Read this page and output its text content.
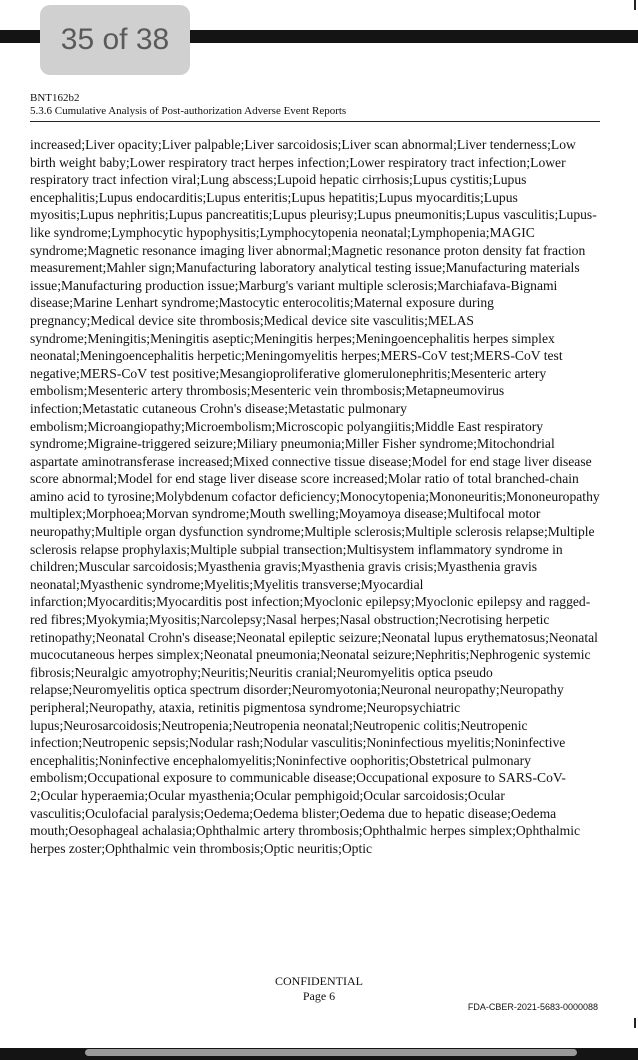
35 of 38
BNT162b2
5.3.6 Cumulative Analysis of Post-authorization Adverse Event Reports
increased;Liver opacity;Liver palpable;Liver sarcoidosis;Liver scan abnormal;Liver tenderness;Low birth weight baby;Lower respiratory tract herpes infection;Lower respiratory tract infection;Lower respiratory tract infection viral;Lung abscess;Lupoid hepatic cirrhosis;Lupus cystitis;Lupus encephalitis;Lupus endocarditis;Lupus enteritis;Lupus hepatitis;Lupus myocarditis;Lupus myositis;Lupus nephritis;Lupus pancreatitis;Lupus pleurisy;Lupus pneumonitis;Lupus vasculitis;Lupus-like syndrome;Lymphocytic hypophysitis;Lymphocytopenia neonatal;Lymphopenia;MAGIC syndrome;Magnetic resonance imaging liver abnormal;Magnetic resonance proton density fat fraction measurement;Mahler sign;Manufacturing laboratory analytical testing issue;Manufacturing materials issue;Manufacturing production issue;Marburg's variant multiple sclerosis;Marchiafava-Bignami disease;Marine Lenhart syndrome;Mastocytic enterocolitis;Maternal exposure during pregnancy;Medical device site thrombosis;Medical device site vasculitis;MELAS syndrome;Meningitis;Meningitis aseptic;Meningitis herpes;Meningoencephalitis herpes simplex neonatal;Meningoencephalitis herpetic;Meningomyelitis herpes;MERS-CoV test;MERS-CoV test negative;MERS-CoV test positive;Mesangioproliferative glomerulonephritis;Mesenteric artery embolism;Mesenteric artery thrombosis;Mesenteric vein thrombosis;Metapneumovirus infection;Metastatic cutaneous Crohn's disease;Metastatic pulmonary embolism;Microangiopathy;Microembolism;Microscopic polyangiitis;Middle East respiratory syndrome;Migraine-triggered seizure;Miliary pneumonia;Miller Fisher syndrome;Mitochondrial aspartate aminotransferase increased;Mixed connective tissue disease;Model for end stage liver disease score abnormal;Model for end stage liver disease score increased;Molar ratio of total branched-chain amino acid to tyrosine;Molybdenum cofactor deficiency;Monocytopenia;Mononeuritis;Mononeuropathy multiplex;Morphoea;Morvan syndrome;Mouth swelling;Moyamoya disease;Multifocal motor neuropathy;Multiple organ dysfunction syndrome;Multiple sclerosis;Multiple sclerosis relapse;Multiple sclerosis relapse prophylaxis;Multiple subpial transection;Multisystem inflammatory syndrome in children;Muscular sarcoidosis;Myasthenia gravis;Myasthenia gravis crisis;Myasthenia gravis neonatal;Myasthenic syndrome;Myelitis;Myelitis transverse;Myocardial infarction;Myocarditis;Myocarditis post infection;Myoclonic epilepsy;Myoclonic epilepsy and ragged-red fibres;Myokymia;Myositis;Narcolepsy;Nasal herpes;Nasal obstruction;Necrotising herpetic retinopathy;Neonatal Crohn's disease;Neonatal epileptic seizure;Neonatal lupus erythematosus;Neonatal mucocutaneous herpes simplex;Neonatal pneumonia;Neonatal seizure;Nephritis;Nephrogenic systemic fibrosis;Neuralgic amyotrophy;Neuritis;Neuritis cranial;Neuromyelitis optica pseudo relapse;Neuromyelitis optica spectrum disorder;Neuromyotonia;Neuronal neuropathy;Neuropathy peripheral;Neuropathy, ataxia, retinitis pigmentosa syndrome;Neuropsychiatric lupus;Neurosarcoidosis;Neutropenia;Neutropenia neonatal;Neutropenic colitis;Neutropenic infection;Neutropenic sepsis;Nodular rash;Nodular vasculitis;Noninfectious myelitis;Noninfective encephalitis;Noninfective encephalomyelitis;Noninfective oophoritis;Obstetrical pulmonary embolism;Occupational exposure to communicable disease;Occupational exposure to SARS-CoV-2;Ocular hyperaemia;Ocular myasthenia;Ocular pemphigoid;Ocular sarcoidosis;Ocular vasculitis;Oculofacial paralysis;Oedema;Oedema blister;Oedema due to hepatic disease;Oedema mouth;Oesophageal achalasia;Ophthalmic artery thrombosis;Ophthalmic herpes simplex;Ophthalmic herpes zoster;Ophthalmic vein thrombosis;Optic neuritis;Optic
CONFIDENTIAL
Page 6
FDA-CBER-2021-5683-0000088
